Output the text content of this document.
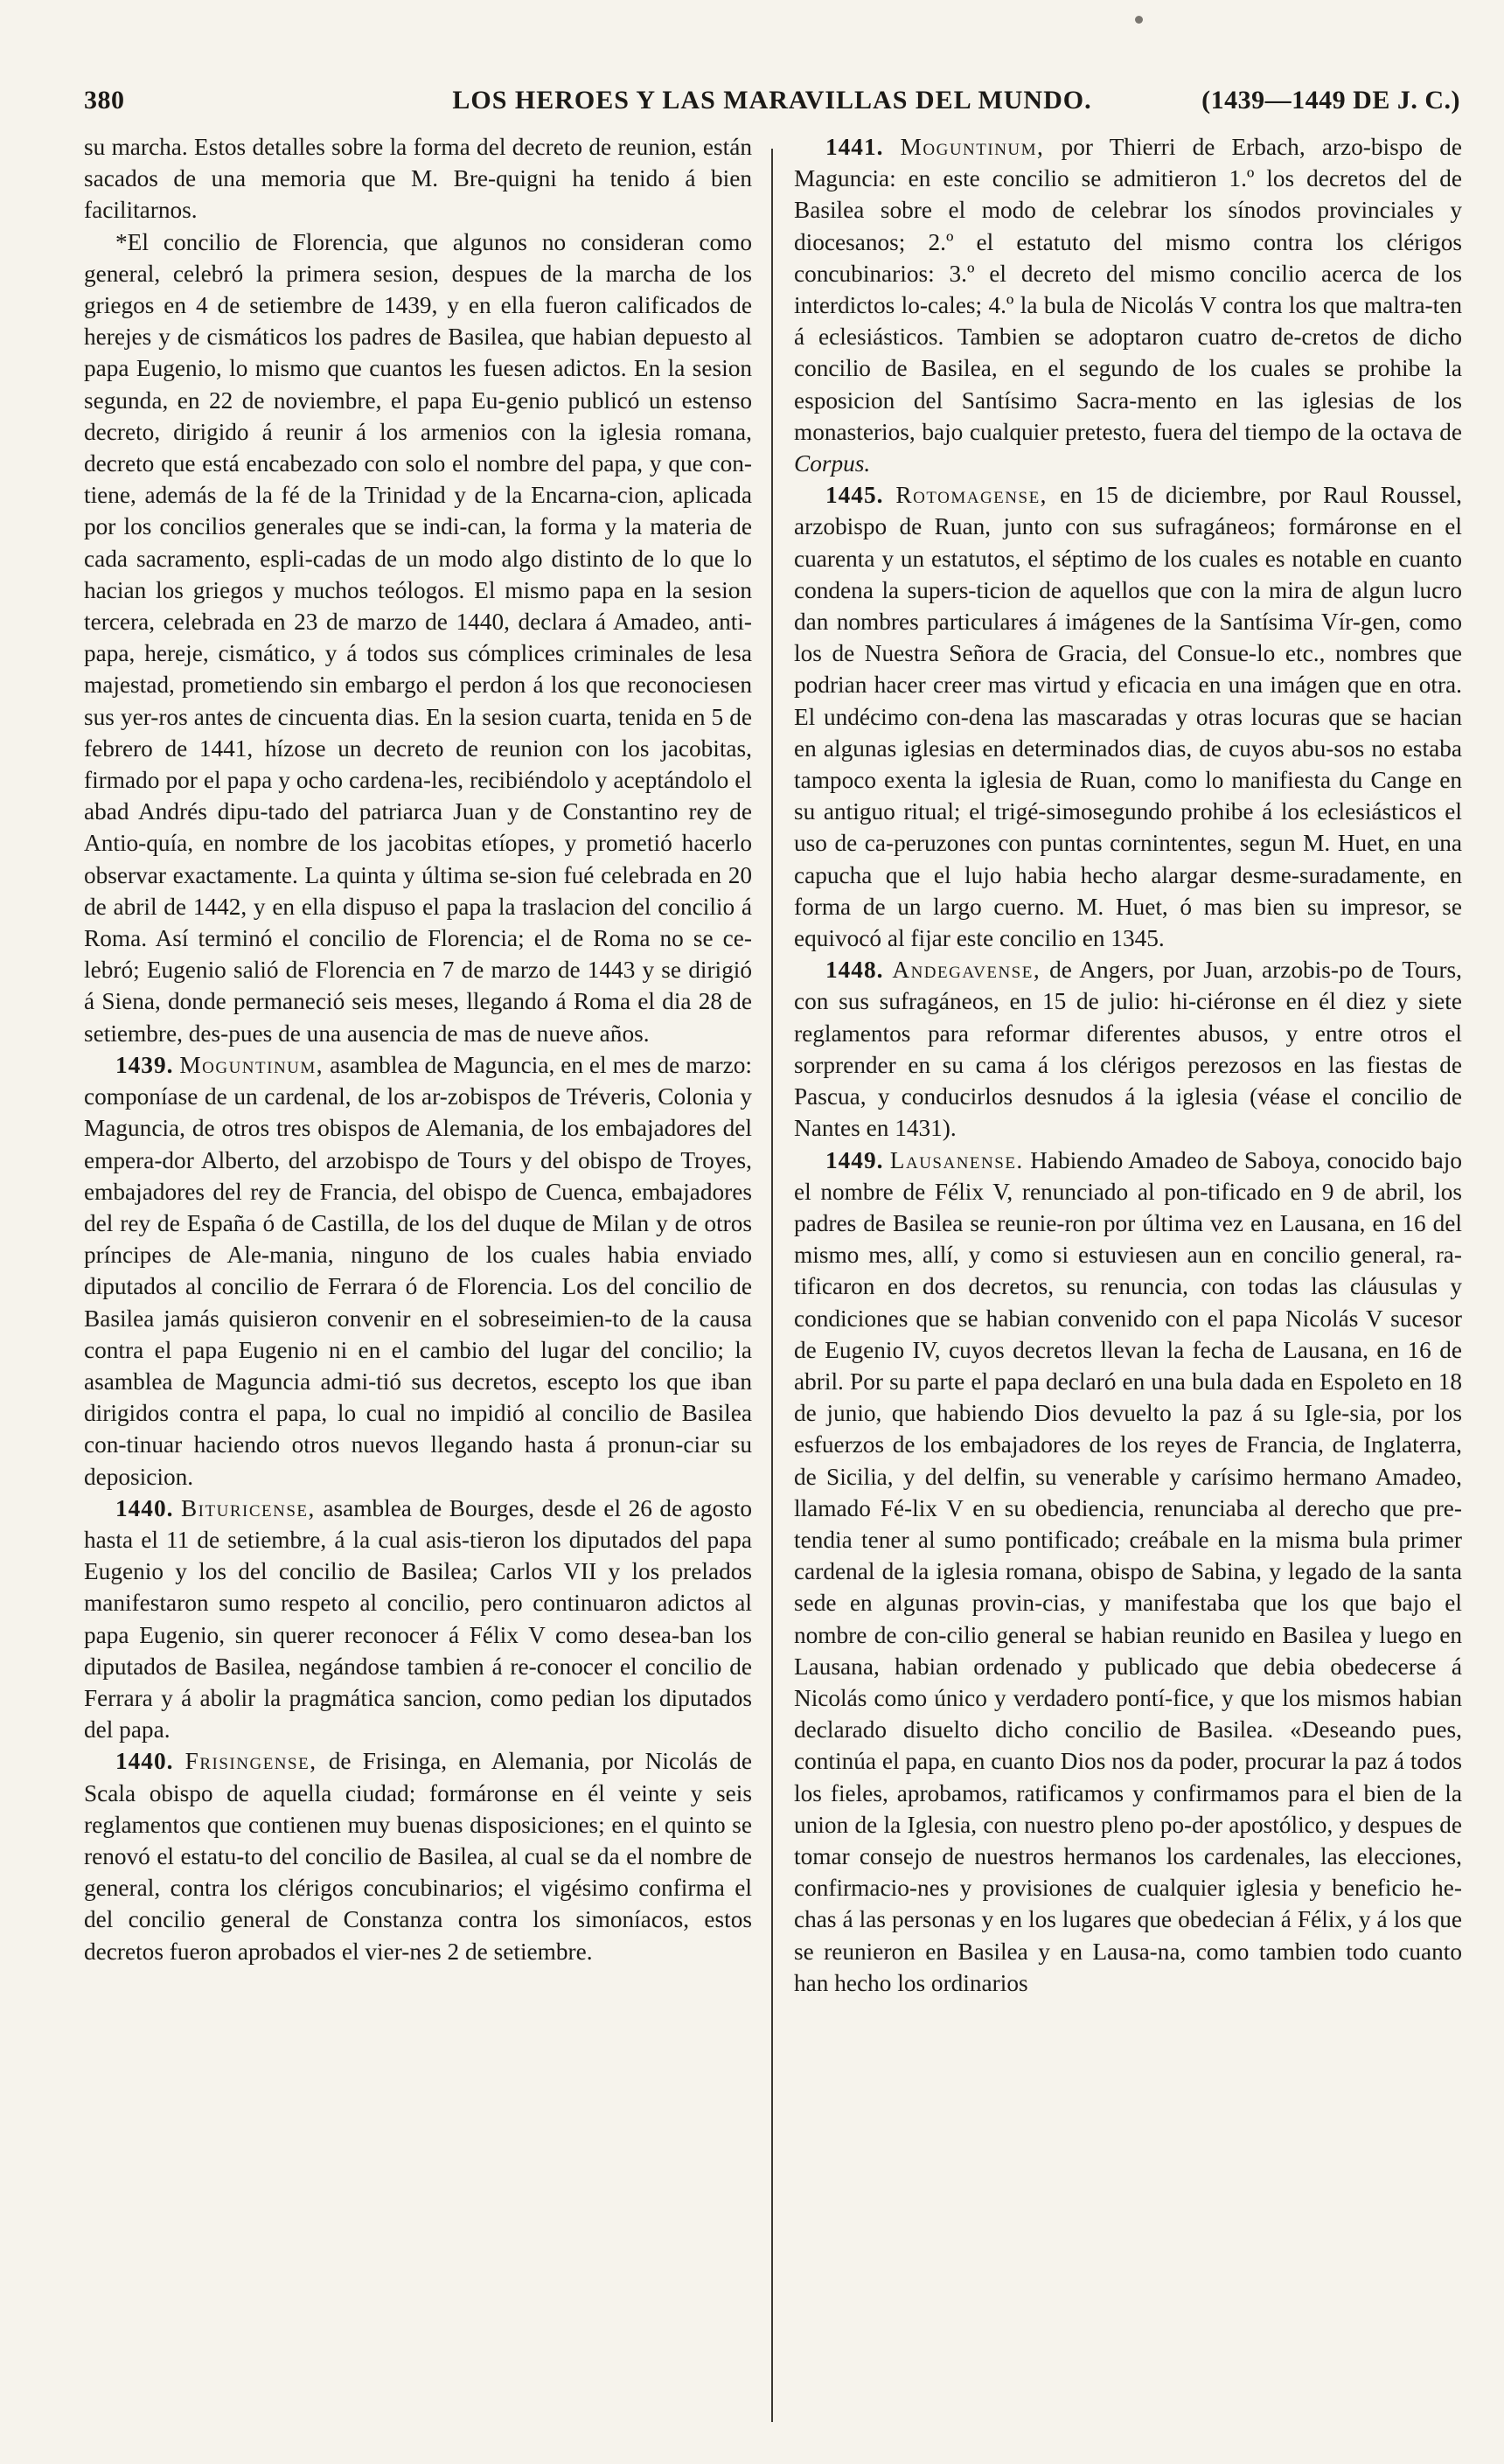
380	LOS HEROES Y LAS MARAVILLAS DEL MUNDO.	(1439—1449 DE J. C.)

su marcha. Estos detalles sobre la forma del decreto de reunion, están sacados de una memoria que M. Bre-quigni ha tenido á bien facilitarnos.

*El concilio de Florencia, que algunos no consideran como general, celebró la primera sesion, despues de la marcha de los griegos en 4 de setiembre de 1439, y en ella fueron calificados de herejes y de cismáticos los padres de Basilea, que habian depuesto al papa Eugenio, lo mismo que cuantos les fuesen adictos. En la sesion segunda, en 22 de noviembre, el papa Eu-genio publicó un estenso decreto, dirigido á reunir á los armenios con la iglesia romana, decreto que está encabezado con solo el nombre del papa, y que con-tiene, además de la fé de la Trinidad y de la Encarna-cion, aplicada por los concilios generales que se indi-can, la forma y la materia de cada sacramento, espli-cadas de un modo algo distinto de lo que lo hacian los griegos y muchos teólogos. El mismo papa en la sesion tercera, celebrada en 23 de marzo de 1440, declara á Amadeo, anti-papa, hereje, cismático, y á todos sus cómplices criminales de lesa majestad, prometiendo sin embargo el perdon á los que reconociesen sus yer-ros antes de cincuenta dias. En la sesion cuarta, tenida en 5 de febrero de 1441, hízose un decreto de reunion con los jacobitas, firmado por el papa y ocho cardena-les, recibiéndolo y aceptándolo el abad Andrés dipu-tado del patriarca Juan y de Constantino rey de Antio-quía, en nombre de los jacobitas etíopes, y prometió hacerlo observar exactamente. La quinta y última se-sion fué celebrada en 20 de abril de 1442, y en ella dispuso el papa la traslacion del concilio á Roma. Así terminó el concilio de Florencia; el de Roma no se ce-lebró; Eugenio salió de Florencia en 7 de marzo de 1443 y se dirigió á Siena, donde permaneció seis meses, llegando á Roma el dia 28 de setiembre, des-pues de una ausencia de mas de nueve años.

1439. Moguntinum, asamblea de Maguncia, en el mes de marzo: componíase de un cardenal, de los ar-zobispos de Tréveris, Colonia y Maguncia, de otros tres obispos de Alemania, de los embajadores del empera-dor Alberto, del arzobispo de Tours y del obispo de Troyes, embajadores del rey de Francia, del obispo de Cuenca, embajadores del rey de España ó de Castilla, de los del duque de Milan y de otros príncipes de Ale-mania, ninguno de los cuales habia enviado diputados al concilio de Ferrara ó de Florencia. Los del concilio de Basilea jamás quisieron convenir en el sobreseimien-to de la causa contra el papa Eugenio ni en el cambio del lugar del concilio; la asamblea de Maguncia admi-tió sus decretos, escepto los que iban dirigidos contra el papa, lo cual no impidió al concilio de Basilea con-tinuar haciendo otros nuevos llegando hasta á pronun-ciar su deposicion.

1440. Bituricense, asamblea de Bourges, desde el 26 de agosto hasta el 11 de setiembre, á la cual asis-tieron los diputados del papa Eugenio y los del concilio de Basilea; Carlos VII y los prelados manifestaron sumo respeto al concilio, pero continuaron adictos al papa Eugenio, sin querer reconocer á Félix V como desea-ban los diputados de Basilea, negándose tambien á re-conocer el concilio de Ferrara y á abolir la pragmática sancion, como pedian los diputados del papa.

1440. Frisingense, de Frisinga, en Alemania, por Nicolás de Scala obispo de aquella ciudad; formáronse en él veinte y seis reglamentos que contienen muy buenas disposiciones; en el quinto se renovó el estatu-to del concilio de Basilea, al cual se da el nombre de general, contra los clérigos concubinarios; el vigésimo confirma el del concilio general de Constanza contra los simoníacos, estos decretos fueron aprobados el vier-nes 2 de setiembre.

1441. Moguntinum, por Thierri de Erbach, arzo-bispo de Maguncia: en este concilio se admitieron 1.º los decretos del de Basilea sobre el modo de celebrar los sínodos provinciales y diocesanos; 2.º el estatuto del mismo contra los clérigos concubinarios: 3.º el decreto del mismo concilio acerca de los interdictos lo-cales; 4.º la bula de Nicolás V contra los que maltra-ten á eclesiásticos. Tambien se adoptaron cuatro de-cretos de dicho concilio de Basilea, en el segundo de los cuales se prohibe la esposicion del Santísimo Sacra-mento en las iglesias de los monasterios, bajo cualquier pretesto, fuera del tiempo de la octava de Corpus.

1445. Rotomagense, en 15 de diciembre, por Raul Roussel, arzobispo de Ruan, junto con sus sufragáneos; formáronse en el cuarenta y un estatutos, el séptimo de los cuales es notable en cuanto condena la supers-ticion de aquellos que con la mira de algun lucro dan nombres particulares á imágenes de la Santísima Vír-gen, como los de Nuestra Señora de Gracia, del Consue-lo etc., nombres que podrian hacer creer mas virtud y eficacia en una imágen que en otra. El undécimo con-dena las mascaradas y otras locuras que se hacian en algunas iglesias en determinados dias, de cuyos abu-sos no estaba tampoco exenta la iglesia de Ruan, como lo manifiesta du Cange en su antiguo ritual; el trigé-simosegundo prohibe á los eclesiásticos el uso de ca-peruzones con puntas cornintentes, segun M. Huet, en una capucha que el lujo habia hecho alargar desme-suradamente, en forma de un largo cuerno. M. Huet, ó mas bien su impresor, se equivocó al fijar este concilio en 1345.

1448. Andegavense, de Angers, por Juan, arzobis-po de Tours, con sus sufragáneos, en 15 de julio: hi-ciéronse en él diez y siete reglamentos para reformar diferentes abusos, y entre otros el sorprender en su cama á los clérigos perezosos en las fiestas de Pascua, y conducirlos desnudos á la iglesia (véase el concilio de Nantes en 1431).

1449. Lausanense. Habiendo Amadeo de Saboya, conocido bajo el nombre de Félix V, renunciado al pon-tificado en 9 de abril, los padres de Basilea se reunie-ron por última vez en Lausana, en 16 del mismo mes, allí, y como si estuviesen aun en concilio general, ra-tificaron en dos decretos, su renuncia, con todas las cláusulas y condiciones que se habian convenido con el papa Nicolás V sucesor de Eugenio IV, cuyos decretos llevan la fecha de Lausana, en 16 de abril. Por su parte el papa declaró en una bula dada en Espoleto en 18 de junio, que habiendo Dios devuelto la paz á su Igle-sia, por los esfuerzos de los embajadores de los reyes de Francia, de Inglaterra, de Sicilia, y del delfin, su venerable y carísimo hermano Amadeo, llamado Fé-lix V en su obediencia, renunciaba al derecho que pre-tendia tener al sumo pontificado; creábale en la misma bula primer cardenal de la iglesia romana, obispo de Sabina, y legado de la santa sede en algunas provin-cias, y manifestaba que los que bajo el nombre de con-cilio general se habian reunido en Basilea y luego en Lausana, habian ordenado y publicado que debia obedecerse á Nicolás como único y verdadero pontí-fice, y que los mismos habian declarado disuelto dicho concilio de Basilea. «Deseando pues, continúa el papa, en cuanto Dios nos da poder, procurar la paz á todos los fieles, aprobamos, ratificamos y confirmamos para el bien de la union de la Iglesia, con nuestro pleno po-der apostólico, y despues de tomar consejo de nuestros hermanos los cardenales, las elecciones, confirmacio-nes y provisiones de cualquier iglesia y beneficio he-chas á las personas y en los lugares que obedecian á Félix, y á los que se reunieron en Basilea y en Lausa-na, como tambien todo cuanto han hecho los ordinarios
